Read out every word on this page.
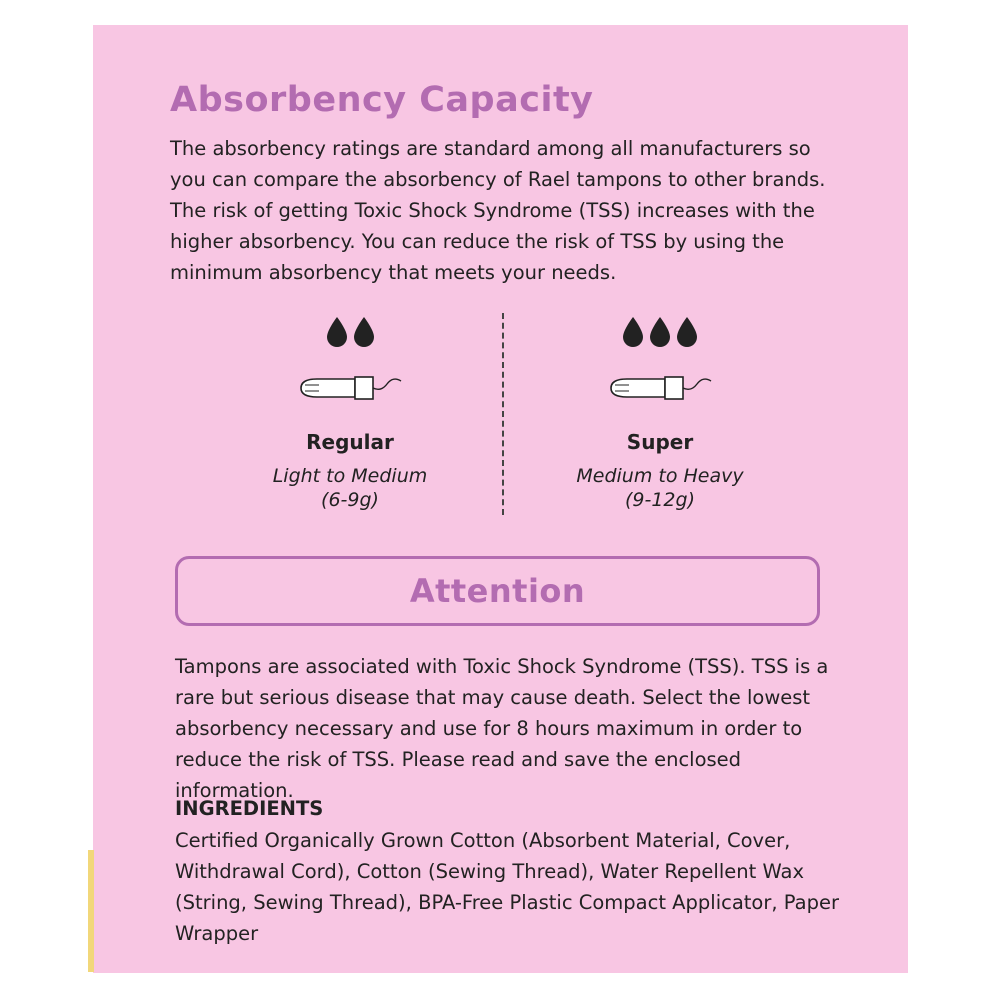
Absorbency Capacity

The absorbency ratings are standard among all manufacturers so you can compare the absorbency of Rael tampons to other brands. The risk of getting Toxic Shock Syndrome (TSS) increases with the higher absorbency. You can reduce the risk of TSS by using the minimum absorbency that meets your needs.

Regular
Light to Medium
(6-9g)
Super
Medium to Heavy
(9-12g)
Attention

Tampons are associated with Toxic Shock Syndrome (TSS). TSS is a rare but serious disease that may cause death. Select the lowest absorbency necessary and use for 8 hours maximum in order to reduce the risk of TSS. Please read and save the enclosed information.

INGREDIENTS

Certified Organically Grown Cotton (Absorbent Material, Cover, Withdrawal Cord), Cotton (Sewing Thread), Water Repellent Wax (String, Sewing Thread), BPA-Free Plastic Compact Applicator, Paper Wrapper
